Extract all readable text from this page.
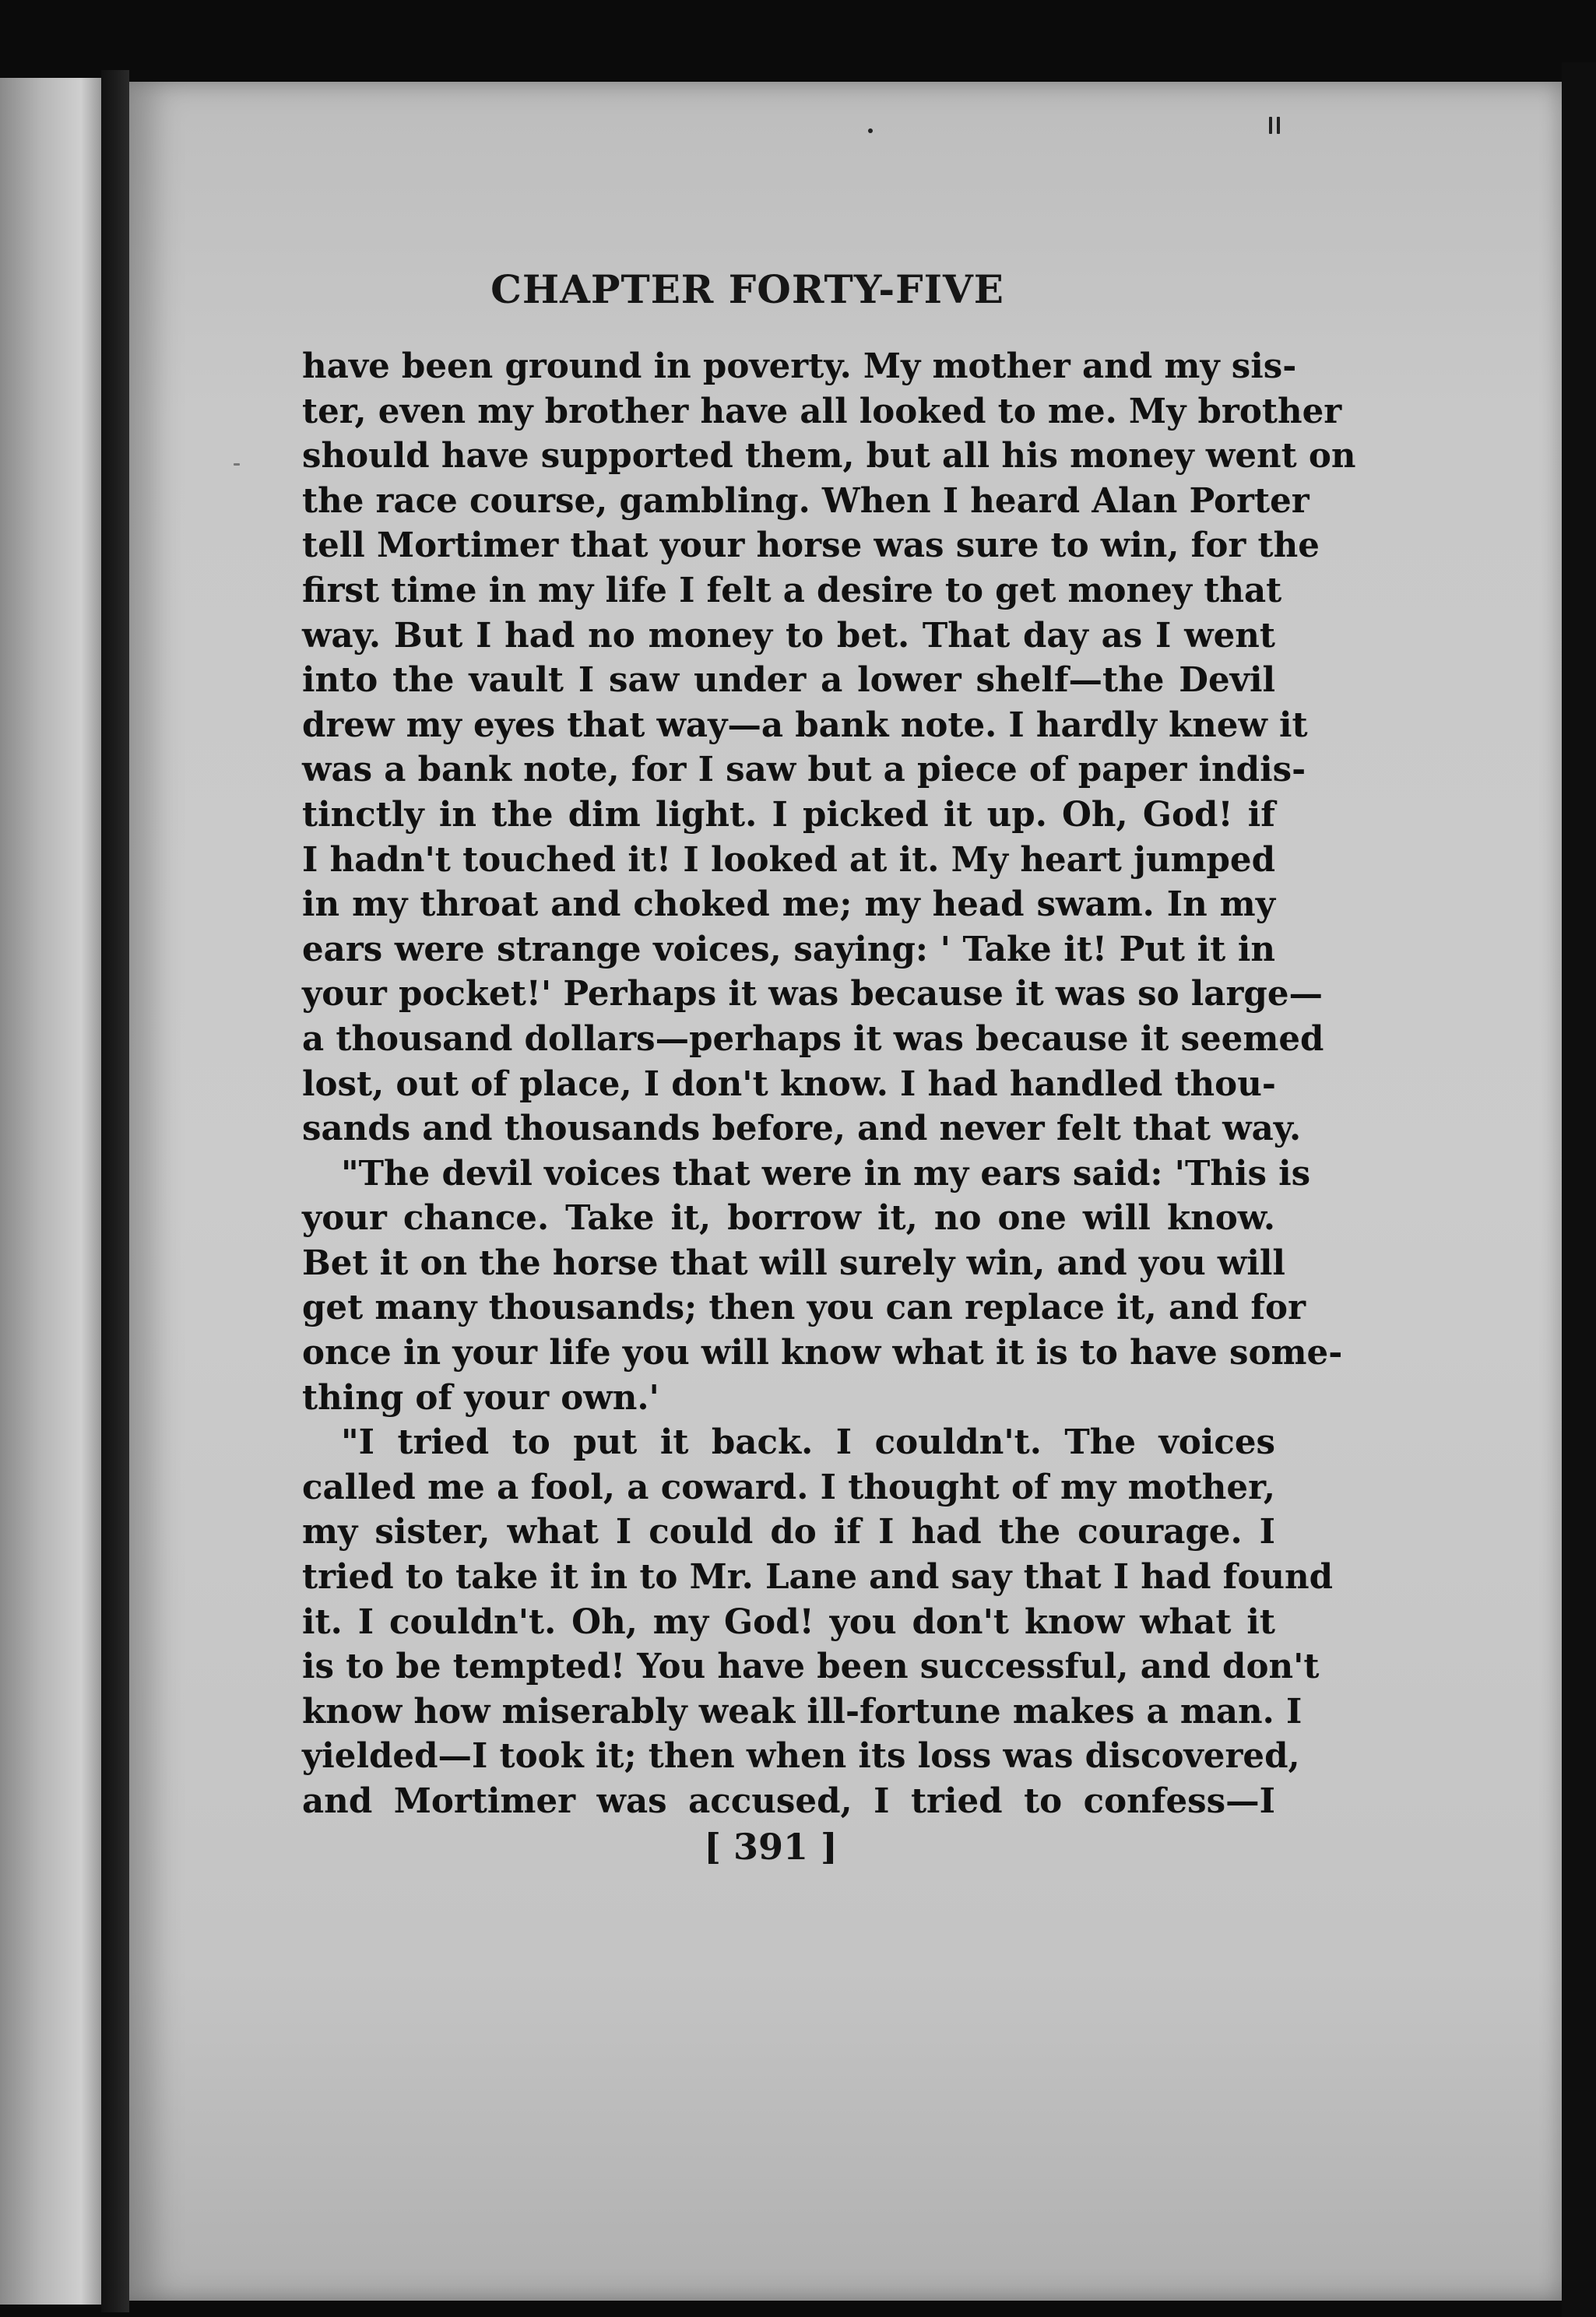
CHAPTER FORTY-FIVE
have been ground in poverty. My mother and my sis-
ter, even my brother have all looked to me. My brother
should have supported them, but all his money went on
the race course, gambling. When I heard Alan Porter
tell Mortimer that your horse was sure to win, for the
first time in my life I felt a desire to get money that
way. But I had no money to bet. That day as I went
into the vault I saw under a lower shelf—the Devil
drew my eyes that way—a bank note. I hardly knew it
was a bank note, for I saw but a piece of paper indis-
tinctly in the dim light. I picked it up. Oh, God! if
I hadn't touched it! I looked at it. My heart jumped
in my throat and choked me; my head swam. In my
ears were strange voices, saying: ' Take it! Put it in
your pocket!' Perhaps it was because it was so large—
a thousand dollars—perhaps it was because it seemed
lost, out of place, I don't know. I had handled thou-
sands and thousands before, and never felt that way.
"The devil voices that were in my ears said: 'This is
your chance. Take it, borrow it, no one will know.
Bet it on the horse that will surely win, and you will
get many thousands; then you can replace it, and for
once in your life you will know what it is to have some-
thing of your own.'
"I tried to put it back. I couldn't. The voices
called me a fool, a coward. I thought of my mother,
my sister, what I could do if I had the courage. I
tried to take it in to Mr. Lane and say that I had found
it. I couldn't. Oh, my God! you don't know what it
is to be tempted! You have been successful, and don't
know how miserably weak ill-fortune makes a man. I
yielded—I took it; then when its loss was discovered,
and Mortimer was accused, I tried to confess—I
[ 391 ]
